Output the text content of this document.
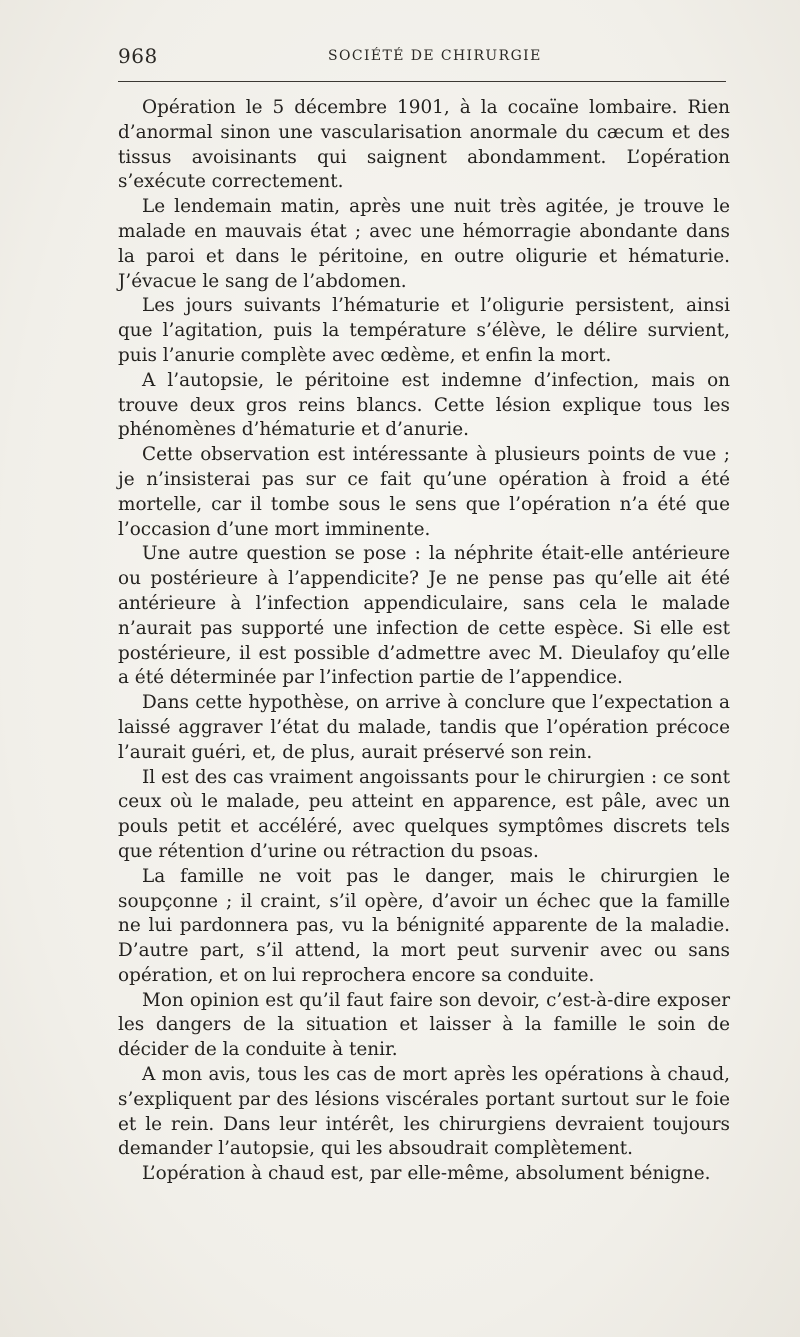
968	SOCIÉTÉ DE CHIRURGIE

Opération le 5 décembre 1901, à la cocaïne lombaire. Rien d’anormal sinon une vascularisation anormale du cæcum et des tissus avoisinants qui saignent abondamment. L’opération s’exécute correctement.

Le lendemain matin, après une nuit très agitée, je trouve le malade en mauvais état ; avec une hémorragie abondante dans la paroi et dans le péritoine, en outre oligurie et hématurie. J’évacue le sang de l’abdomen.

Les jours suivants l’hématurie et l’oligurie persistent, ainsi que l’agitation, puis la température s’élève, le délire survient, puis l’anurie complète avec œdème, et enfin la mort.

A l’autopsie, le péritoine est indemne d’infection, mais on trouve deux gros reins blancs. Cette lésion explique tous les phénomènes d’hématurie et d’anurie.

Cette observation est intéressante à plusieurs points de vue ; je n’insisterai pas sur ce fait qu’une opération à froid a été mortelle, car il tombe sous le sens que l’opération n’a été que l’occasion d’une mort imminente.

Une autre question se pose : la néphrite était-elle antérieure ou postérieure à l’appendicite? Je ne pense pas qu’elle ait été antérieure à l’infection appendiculaire, sans cela le malade n’aurait pas supporté une infection de cette espèce. Si elle est postérieure, il est possible d’admettre avec M. Dieulafoy qu’elle a été déterminée par l’infection partie de l’appendice.

Dans cette hypothèse, on arrive à conclure que l’expectation a laissé aggraver l’état du malade, tandis que l’opération précoce l’aurait guéri, et, de plus, aurait préservé son rein.

Il est des cas vraiment angoissants pour le chirurgien : ce sont ceux où le malade, peu atteint en apparence, est pâle, avec un pouls petit et accéléré, avec quelques symptômes discrets tels que rétention d’urine ou rétraction du psoas.

La famille ne voit pas le danger, mais le chirurgien le soupçonne ; il craint, s’il opère, d’avoir un échec que la famille ne lui pardonnera pas, vu la bénignité apparente de la maladie. D’autre part, s’il attend, la mort peut survenir avec ou sans opération, et on lui reprochera encore sa conduite.

Mon opinion est qu’il faut faire son devoir, c’est-à-dire exposer les dangers de la situation et laisser à la famille le soin de décider de la conduite à tenir.

A mon avis, tous les cas de mort après les opérations à chaud, s’expliquent par des lésions viscérales portant surtout sur le foie et le rein. Dans leur intérêt, les chirurgiens devraient toujours demander l’autopsie, qui les absoudrait complètement.

L’opération à chaud est, par elle-même, absolument bénigne.
